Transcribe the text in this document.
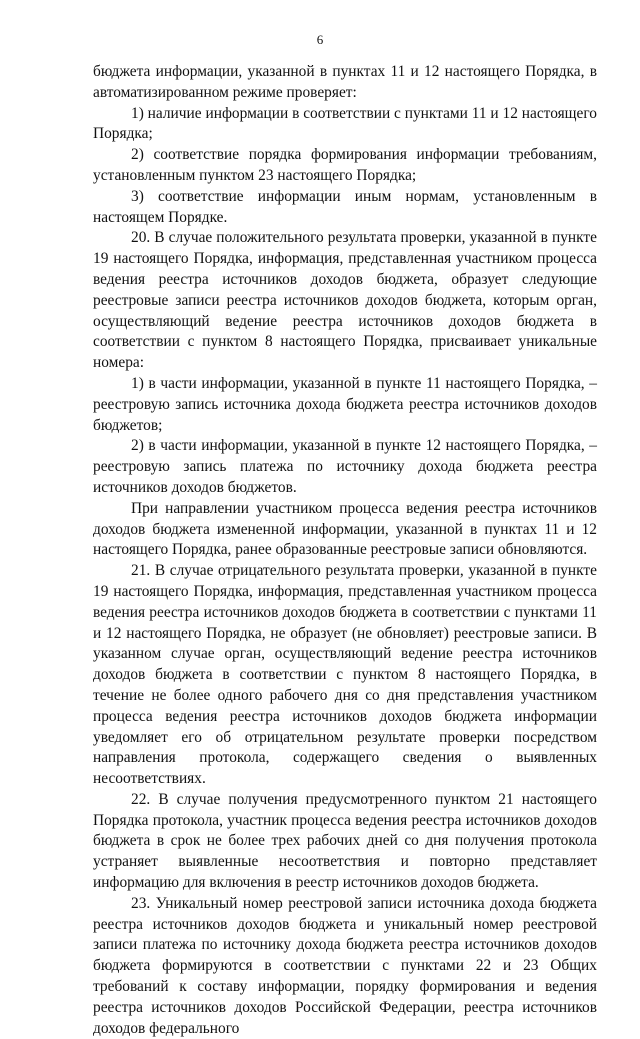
6

бюджета информации, указанной в пунктах 11 и 12 настоящего Порядка, в автоматизированном режиме проверяет:

1) наличие информации в соответствии с пунктами 11 и 12 настоящего Порядка;

2) соответствие порядка формирования информации требованиям, установленным пунктом 23 настоящего Порядка;

3) соответствие информации иным нормам, установленным в настоящем Порядке.

20. В случае положительного результата проверки, указанной в пункте 19 настоящего Порядка, информация, представленная участником процесса ведения реестра источников доходов бюджета, образует следующие реестровые записи реестра источников доходов бюджета, которым орган, осуществляющий ведение реестра источников доходов бюджета в соответствии с пунктом 8 настоящего Порядка, присваивает уникальные номера:

1) в части информации, указанной в пункте 11 настоящего Порядка, – реестровую запись источника дохода бюджета реестра источников доходов бюджетов;

2) в части информации, указанной в пункте 12 настоящего Порядка, – реестровую запись платежа по источнику дохода бюджета реестра источников доходов бюджетов.

При направлении участником процесса ведения реестра источников доходов бюджета измененной информации, указанной в пунктах 11 и 12 настоящего Порядка, ранее образованные реестровые записи обновляются.

21. В случае отрицательного результата проверки, указанной в пункте 19 настоящего Порядка, информация, представленная участником процесса ведения реестра источников доходов бюджета в соответствии с пунктами 11 и 12 настоящего Порядка, не образует (не обновляет) реестровые записи. В указанном случае орган, осуществляющий ведение реестра источников доходов бюджета в соответствии с пунктом 8 настоящего Порядка, в течение не более одного рабочего дня со дня представления участником процесса ведения реестра источников доходов бюджета информации уведомляет его об отрицательном результате проверки посредством направления протокола, содержащего сведения о выявленных несоответствиях.

22. В случае получения предусмотренного пунктом 21 настоящего Порядка протокола, участник процесса ведения реестра источников доходов бюджета в срок не более трех рабочих дней со дня получения протокола устраняет выявленные несоответствия и повторно представляет информацию для включения в реестр источников доходов бюджета.

23. Уникальный номер реестровой записи источника дохода бюджета реестра источников доходов бюджета и уникальный номер реестровой записи платежа по источнику дохода бюджета реестра источников доходов бюджета формируются в соответствии с пунктами 22 и 23 Общих требований к составу информации, порядку формирования и ведения реестра источников доходов Российской Федерации, реестра источников доходов федерального
